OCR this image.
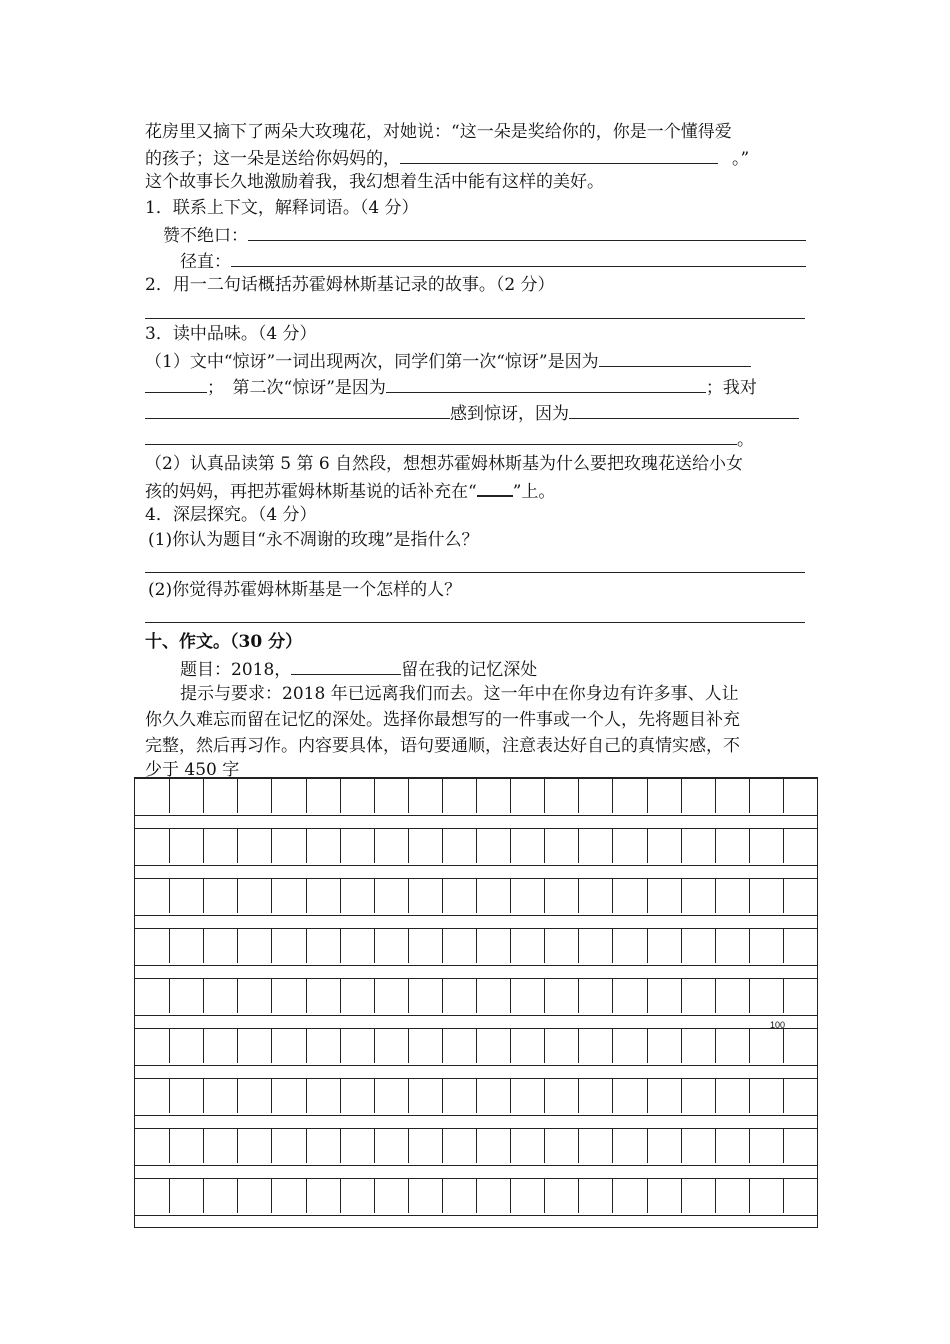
花房里又摘下了两朵大玫瑰花，对她说：“这一朵是奖给你的，你是一个懂得爱
的孩子；这一朵是送给你妈妈的，	。”
这个故事长久地激励着我，我幻想着生活中能有这样的美好。
1．联系上下文，解释词语。（4 分）
赞不绝口：
径直：
2．用一二句话概括苏霍姆林斯基记录的故事。（2 分）
3．读中品味。（4 分）
（1）文中“惊讶”一词出现两次，同学们第一次“惊讶”是因为
；　第二次“惊讶”是因为	；我对
感到惊讶，因为
。
（2）认真品读第 5 第 6 自然段，想想苏霍姆林斯基为什么要把玫瑰花送给小女
孩的妈妈，再把苏霍姆林斯基说的话补充在“ ”上。
4．深层探究。（4 分）
(1)你认为题目“永不凋谢的玫瑰”是指什么？
(2)你觉得苏霍姆林斯基是一个怎样的人？
十、作文。（30 分）
题目：2018，	留在我的记忆深处
提示与要求：2018 年已远离我们而去。这一年中在你身边有许多事、人让
你久久难忘而留在记忆的深处。选择你最想写的一件事或一个人，先将题目补充
完整，然后再习作。内容要具体，语句要通顺，注意表达好自己的真情实感，不
少于 450 字
100
